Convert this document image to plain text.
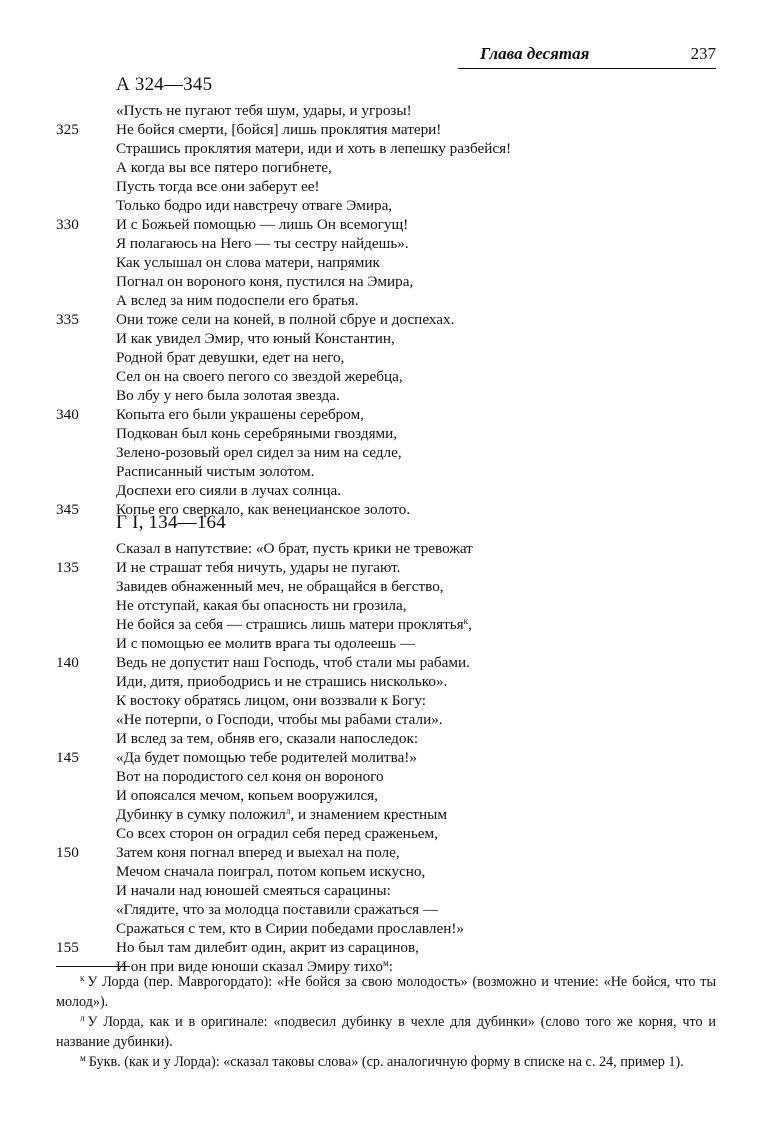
Глава десятая	237
А 324—345
«Пусть не пугают тебя шум, удары, и угрозы!
325	Не бойся смерти, [бойся] лишь проклятия матери!
Страшись проклятия матери, иди и хоть в лепешку разбейся!
А когда вы все пятеро погибнете,
Пусть тогда все они заберут ее!
Только бодро иди навстречу отваге Эмира,
330	И с Божьей помощью — лишь Он всемогущ!
Я полагаюсь на Него — ты сестру найдешь».
Как услышал он слова матери, напрямик
Погнал он вороного коня, пустился на Эмира,
А вслед за ним подоспели его братья.
335	Они тоже сели на коней, в полной сбруе и доспехах.
И как увидел Эмир, что юный Константин,
Родной брат девушки, едет на него,
Сел он на своего пегого со звездой жеребца,
Во лбу у него была золотая звезда.
340	Копыта его были украшены серебром,
Подкован был конь серебряными гвоздями,
Зелено-розовый орел сидел за ним на седле,
Расписанный чистым золотом.
Доспехи его сияли в лучах солнца.
345	Копье его сверкало, как венецианское золото.
Г I, 134—164
Сказал в напутствие: «О брат, пусть крики не тревожат
135	И не страшат тебя ничуть, удары не пугают.
Завидев обнаженный меч, не обращайся в бегство,
Не отступай, какая бы опасность ни грозила,
Не бойся за себя — страшись лишь матери проклятья$^к$,
И с помощью ее молитв врага ты одолеешь —
140	Ведь не допустит наш Господь, чтоб стали мы рабами.
Иди, дитя, приободрись и не страшись нисколько».
К востоку обратясь лицом, они воззвали к Богу:
«Не потерпи, о Господи, чтобы мы рабами стали».
И вслед за тем, обняв его, сказали напоследок:
145	«Да будет помощью тебе родителей молитва!»
Вот на породистого сел коня он вороного
И опоясался мечом, копьем вооружился,
Дубинку в сумку положил$^л$, и знамением крестным
Со всех сторон он оградил себя перед сраженьем,
150	Затем коня погнал вперед и выехал на поле,
Мечом сначала поиграл, потом копьем искусно,
И начали над юношей смеяться сарацины:
«Глядите, что за молодца поставили сражаться —
Сражаться с тем, кто в Сирии победами прославлен!»
155	Но был там дилебит один, акрит из сарацинов,
И он при виде юноши сказал Эмиру тихо$^м$:

$^к$ У Лорда (пер. Маврогордато): «Не бойся за свою молодость» (возможно и чтение: «Не бойся, что ты молод»).

$^л$ У Лорда, как и в оригинале: «подвесил дубинку в чехле для дубинки» (слово того же корня, что и название дубинки).

$^м$ Букв. (как и у Лорда): «сказал таковы слова» (ср. аналогичную форму в списке на с. 24, пример 1).
